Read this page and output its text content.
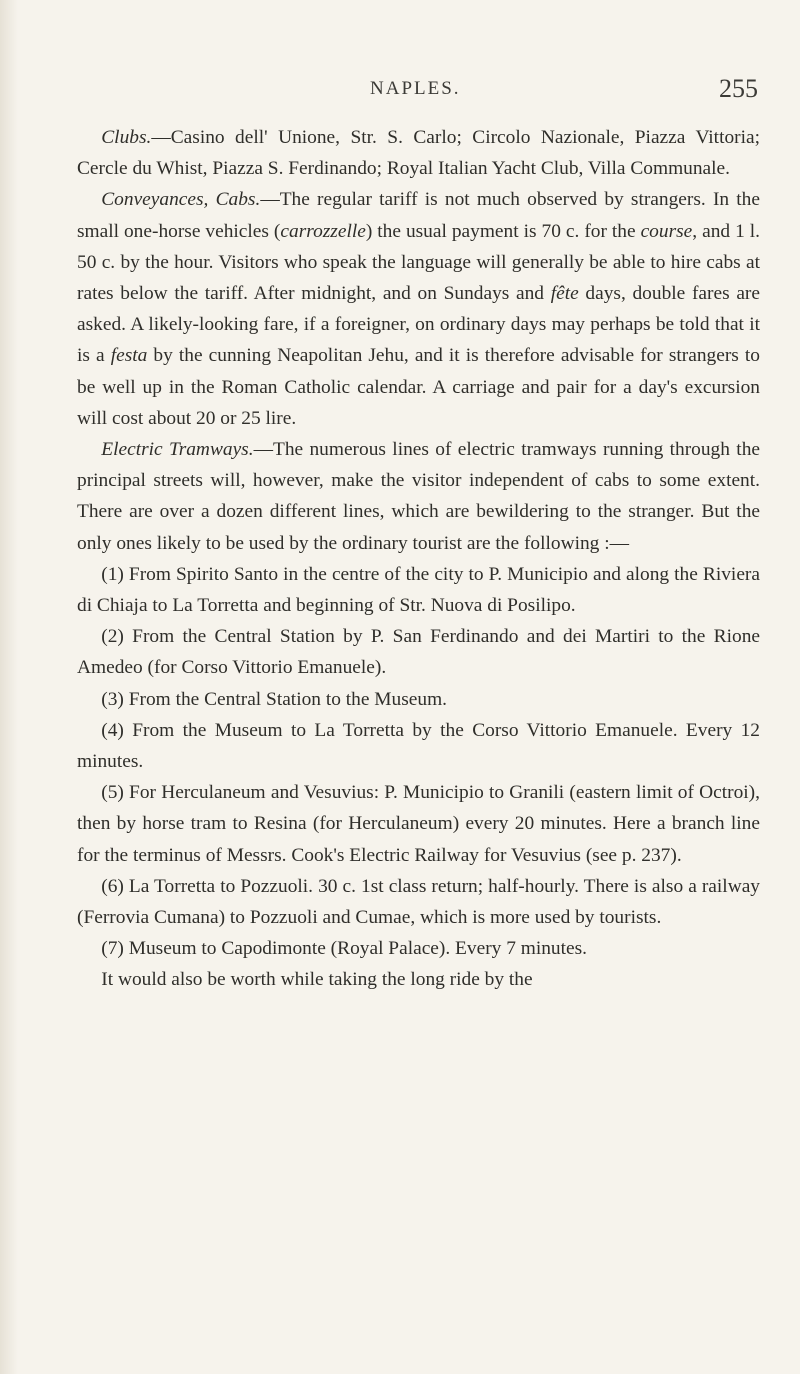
NAPLES.	255

Clubs.—Casino dell' Unione, Str. S. Carlo; Circolo Nazionale, Piazza Vittoria; Cercle du Whist, Piazza S. Ferdinando; Royal Italian Yacht Club, Villa Communale.

Conveyances, Cabs.—The regular tariff is not much observed by strangers. In the small one-horse vehicles (carrozzelle) the usual payment is 70 c. for the course, and 1 l. 50 c. by the hour. Visitors who speak the language will generally be able to hire cabs at rates below the tariff. After midnight, and on Sundays and fête days, double fares are asked. A likely-looking fare, if a foreigner, on ordinary days may perhaps be told that it is a festa by the cunning Neapolitan Jehu, and it is therefore advisable for strangers to be well up in the Roman Catholic calendar. A carriage and pair for a day's excursion will cost about 20 or 25 lire.

Electric Tramways.—The numerous lines of electric tramways running through the principal streets will, however, make the visitor independent of cabs to some extent. There are over a dozen different lines, which are bewildering to the stranger. But the only ones likely to be used by the ordinary tourist are the following :—

(1) From Spirito Santo in the centre of the city to P. Municipio and along the Riviera di Chiaja to La Torretta and beginning of Str. Nuova di Posilipo.

(2) From the Central Station by P. San Ferdinando and dei Martiri to the Rione Amedeo (for Corso Vittorio Emanuele).

(3) From the Central Station to the Museum.

(4) From the Museum to La Torretta by the Corso Vittorio Emanuele. Every 12 minutes.

(5) For Herculaneum and Vesuvius: P. Municipio to Granili (eastern limit of Octroi), then by horse tram to Resina (for Herculaneum) every 20 minutes. Here a branch line for the terminus of Messrs. Cook's Electric Railway for Vesuvius (see p. 237).

(6) La Torretta to Pozzuoli. 30 c. 1st class return; half-hourly. There is also a railway (Ferrovia Cumana) to Pozzuoli and Cumae, which is more used by tourists.

(7) Museum to Capodimonte (Royal Palace). Every 7 minutes.

It would also be worth while taking the long ride by the
